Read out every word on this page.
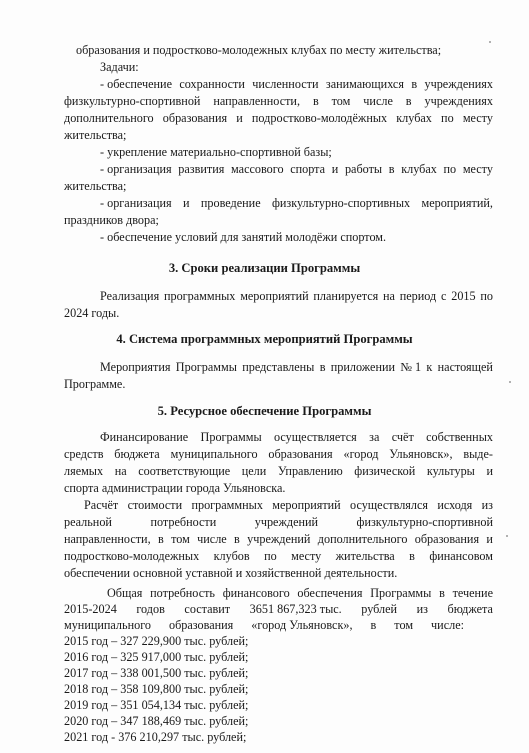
образования и подростково-молодежных клубах по месту жительства;
Задачи:
- обеспечение сохранности численности занимающихся в учреждениях
физкультурно-спортивной направленности, в том числе в учреждениях
дополнительного образования и подростково-молодёжных клубах по месту
жительства;
- укрепление материально-спортивной базы;
- организация развития массового спорта и работы в клубах по месту
жительства;
- организация и проведение физкультурно-спортивных мероприятий,
праздников двора;
- обеспечение условий для занятий молодёжи спортом.
3. Сроки реализации Программы
Реализация программных мероприятий планируется на период с 2015 по
2024 годы.
4. Система программных мероприятий Программы
Мероприятия Программы представлены в приложении № 1 к настоящей
Программе.
5. Ресурсное обеспечение Программы
Финансирование Программы осуществляется за счёт собственных
средств бюджета муниципального образования «город Ульяновск», выде-
ляемых на соответствующие цели Управлению физической культуры и
спорта администрации города Ульяновска.
Расчёт стоимости программных мероприятий осуществлялся исходя из
реальной	потребности	учреждений	физкультурно-спортивной
направленности, в том числе в учреждений дополнительного образования и
подростково-молодежных клубов по месту жительства в финансовом
обеспечении основной уставной и хозяйственной деятельности.
Общая потребность финансового обеспечения Программы в течение
2015-2024 годов составит 3651 867,323 тыс. рублей из бюджета
муниципального образования «город Ульяновск», в том числе:
2015 год – 327 229,900 тыс. рублей;
2016 год – 325 917,000 тыс. рублей;
2017 год – 338 001,500 тыс. рублей;
2018 год – 358 109,800 тыс. рублей;
2019 год – 351 054,134 тыс. рублей;
2020 год – 347 188,469 тыс. рублей;
2021 год - 376 210,297 тыс. рублей;
